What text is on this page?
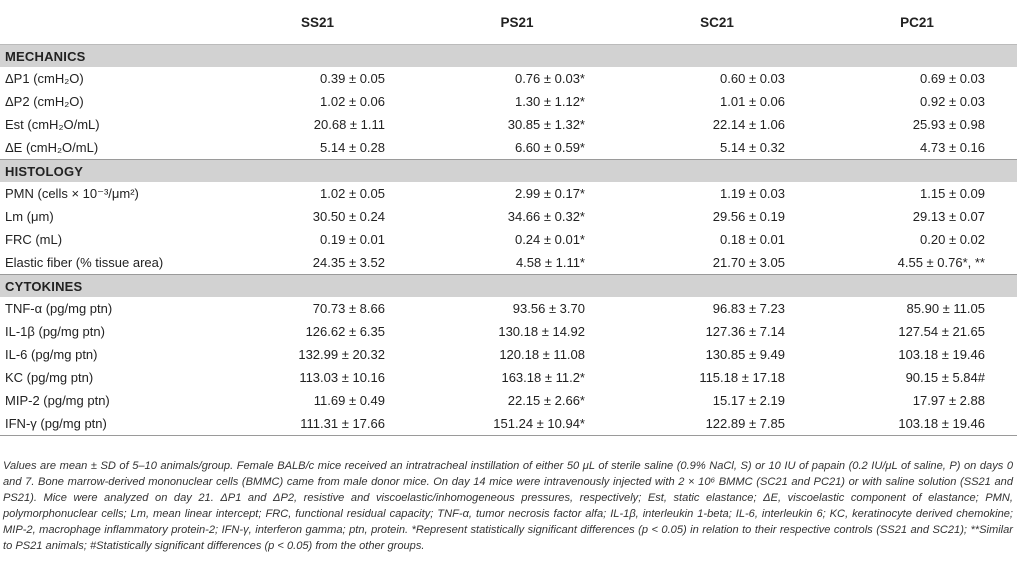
	SS21	PS21	SC21	PC21
MECHANICS				
ΔP1 (cmH₂O)	0.39 ± 0.05	0.76 ± 0.03*	0.60 ± 0.03	0.69 ± 0.03
ΔP2 (cmH₂O)	1.02 ± 0.06	1.30 ± 1.12*	1.01 ± 0.06	0.92 ± 0.03
Est (cmH₂O/mL)	20.68 ± 1.11	30.85 ± 1.32*	22.14 ± 1.06	25.93 ± 0.98
ΔE (cmH₂O/mL)	5.14 ± 0.28	6.60 ± 0.59*	5.14 ± 0.32	4.73 ± 0.16
HISTOLOGY				
PMN (cells × 10⁻³/μm²)	1.02 ± 0.05	2.99 ± 0.17*	1.19 ± 0.03	1.15 ± 0.09
Lm (μm)	30.50 ± 0.24	34.66 ± 0.32*	29.56 ± 0.19	29.13 ± 0.07
FRC (mL)	0.19 ± 0.01	0.24 ± 0.01*	0.18 ± 0.01	0.20 ± 0.02
Elastic fiber (% tissue area)	24.35 ± 3.52	4.58 ± 1.11*	21.70 ± 3.05	4.55 ± 0.76*, **
CYTOKINES				
TNF-α (pg/mg ptn)	70.73 ± 8.66	93.56 ± 3.70	96.83 ± 7.23	85.90 ± 11.05
IL-1β (pg/mg ptn)	126.62 ± 6.35	130.18 ± 14.92	127.36 ± 7.14	127.54 ± 21.65
IL-6 (pg/mg ptn)	132.99 ± 20.32	120.18 ± 11.08	130.85 ± 9.49	103.18 ± 19.46
KC (pg/mg ptn)	113.03 ± 10.16	163.18 ± 11.2*	115.18 ± 17.18	90.15 ± 5.84#
MIP-2 (pg/mg ptn)	11.69 ± 0.49	22.15 ± 2.66*	15.17 ± 2.19	17.97 ± 2.88
IFN-γ (pg/mg ptn)	111.31 ± 17.66	151.24 ± 10.94*	122.89 ± 7.85	103.18 ± 19.46

Values are mean ± SD of 5–10 animals/group. Female BALB/c mice received an intratracheal instillation of either 50 μL of sterile saline (0.9% NaCl, S) or 10 IU of papain (0.2 IU/μL of saline, P) on days 0 and 7. Bone marrow-derived mononuclear cells (BMMC) came from male donor mice. On day 14 mice were intravenously injected with 2 × 10⁶ BMMC (SC21 and PC21) or with saline solution (SS21 and PS21). Mice were analyzed on day 21. ΔP1 and ΔP2, resistive and viscoelastic/inhomogeneous pressures, respectively; Est, static elastance; ΔE, viscoelastic component of elastance; PMN, polymorphonuclear cells; Lm, mean linear intercept; FRC, functional residual capacity; TNF-α, tumor necrosis factor alfa; IL-1β, interleukin 1-beta; IL-6, interleukin 6; KC, keratinocyte derived chemokine; MIP-2, macrophage inflammatory protein-2; IFN-γ, interferon gamma; ptn, protein. *Represent statistically significant differences (p < 0.05) in relation to their respective controls (SS21 and SC21); **Similar to PS21 animals; #Statistically significant differences (p < 0.05) from the other groups.
